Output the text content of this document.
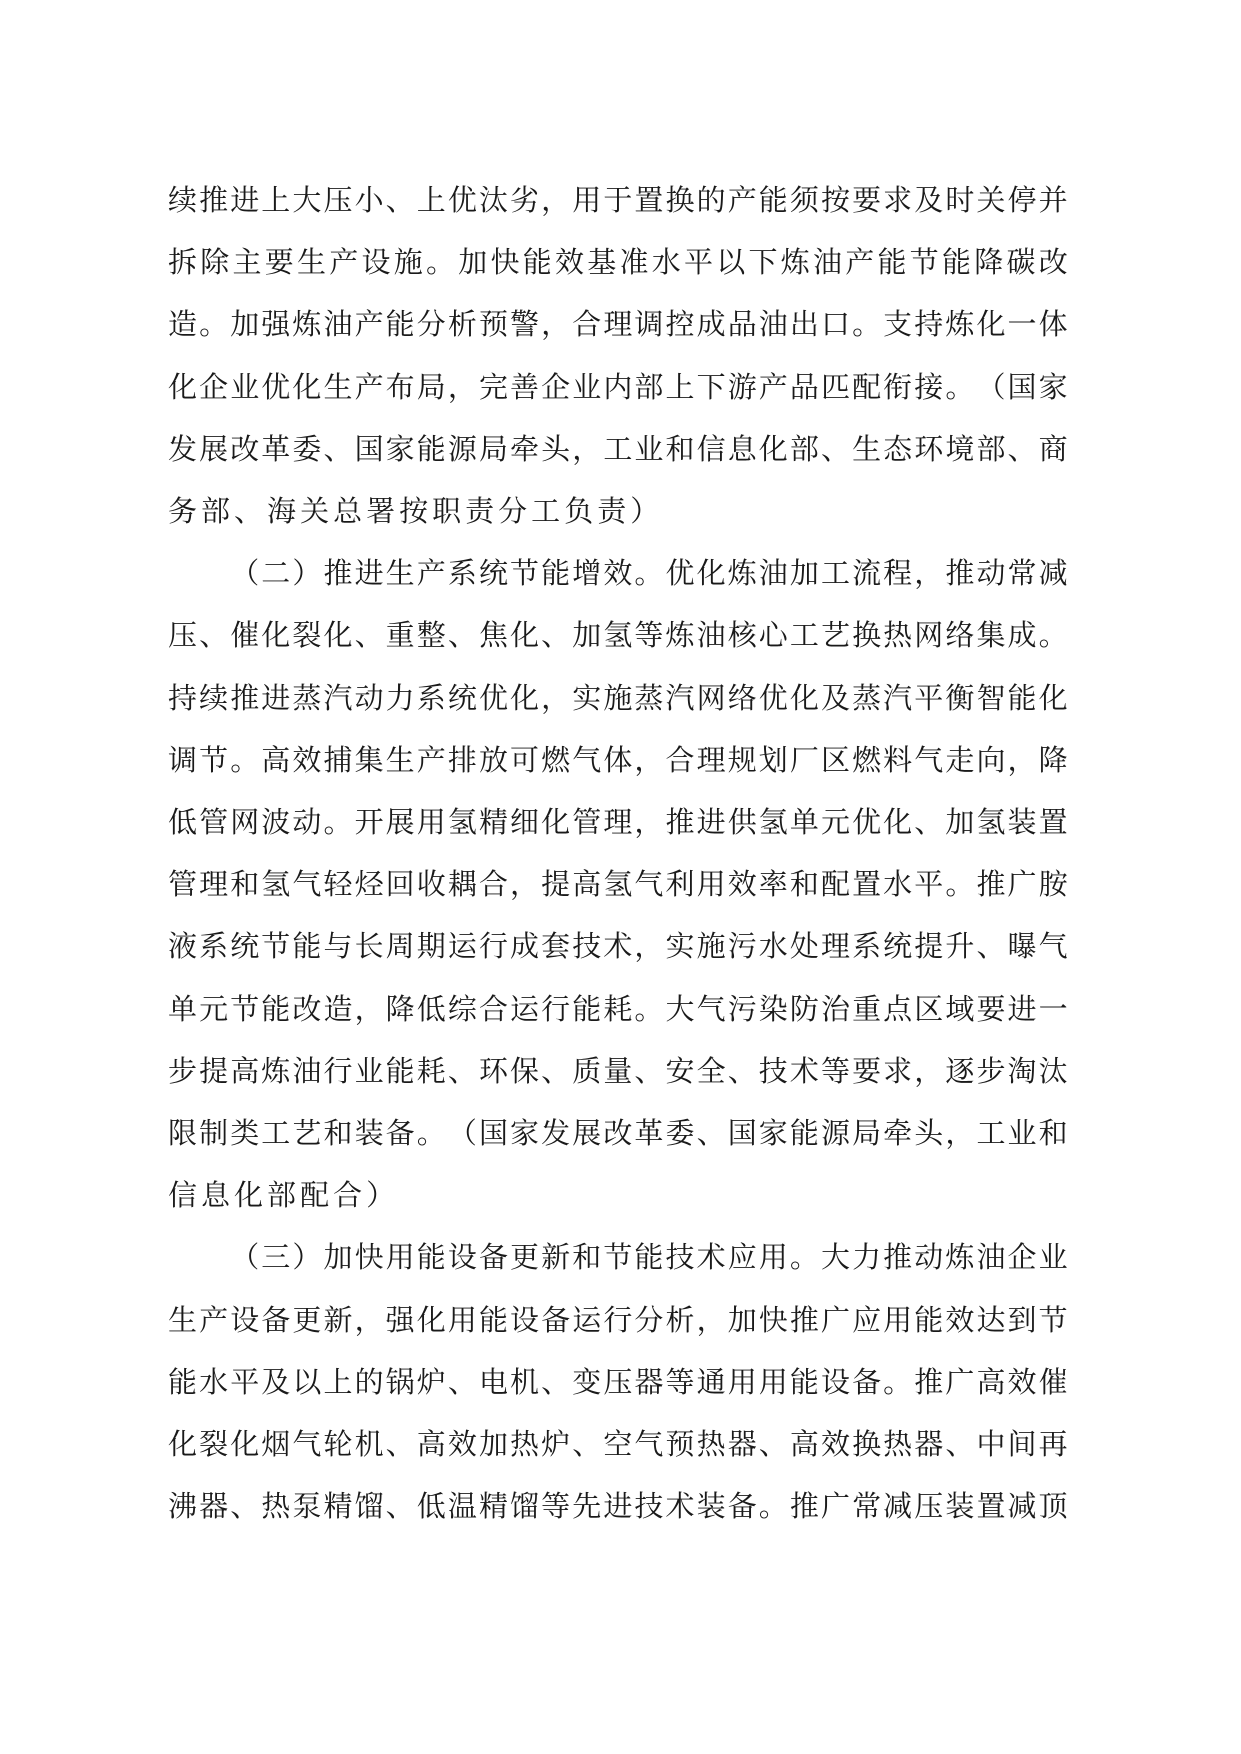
续 推 进 上 大 压 小 、 上 优 汰 劣 ， 用 于 置 换 的 产 能 须 按 要 求 及 时 关 停 并
拆 除 主 要 生 产 设 施 。 加 快 能 效 基 准 水 平 以 下 炼 油 产 能 节 能 降 碳 改
造 。 加 强 炼 油 产 能 分 析 预 警 ， 合 理 调 控 成 品 油 出 口 。 支 持 炼 化 一 体
化 企 业 优 化 生 产 布 局 ， 完 善 企 业 内 部 上 下 游 产 品 匹 配 衔 接 。 （ 国 家
发 展 改 革 委 、 国 家 能 源 局 牵 头 ， 工 业 和 信 息 化 部 、 生 态 环 境 部 、 商
务 部 、 海 关 总 署 按 职 责 分 工 负 责 ）

（ 二 ） 推 进 生 产 系 统 节 能 增 效 。 优 化 炼 油 加 工 流 程 ， 推 动 常 减
压 、 催 化 裂 化 、 重 整 、 焦 化 、 加 氢 等 炼 油 核 心 工 艺 换 热 网 络 集 成 。
持 续 推 进 蒸 汽 动 力 系 统 优 化 ， 实 施 蒸 汽 网 络 优 化 及 蒸 汽 平 衡 智 能 化
调 节 。 高 效 捕 集 生 产 排 放 可 燃 气 体 ， 合 理 规 划 厂 区 燃 料 气 走 向 ， 降
低 管 网 波 动 。 开 展 用 氢 精 细 化 管 理 ， 推 进 供 氢 单 元 优 化 、 加 氢 装 置
管 理 和 氢 气 轻 烃 回 收 耦 合 ， 提 高 氢 气 利 用 效 率 和 配 置 水 平 。 推 广 胺
液 系 统 节 能 与 长 周 期 运 行 成 套 技 术 ， 实 施 污 水 处 理 系 统 提 升 、 曝 气
单 元 节 能 改 造 ， 降 低 综 合 运 行 能 耗 。 大 气 污 染 防 治 重 点 区 域 要 进 一
步 提 高 炼 油 行 业 能 耗 、 环 保 、 质 量 、 安 全 、 技 术 等 要 求 ， 逐 步 淘 汰
限 制 类 工 艺 和 装 备 。 （ 国 家 发 展 改 革 委 、 国 家 能 源 局 牵 头 ， 工 业 和
信 息 化 部 配 合 ）

（ 三 ） 加 快 用 能 设 备 更 新 和 节 能 技 术 应 用 。 大 力 推 动 炼 油 企 业
生 产 设 备 更 新 ， 强 化 用 能 设 备 运 行 分 析 ， 加 快 推 广 应 用 能 效 达 到 节
能 水 平 及 以 上 的 锅 炉 、 电 机 、 变 压 器 等 通 用 用 能 设 备 。 推 广 高 效 催
化 裂 化 烟 气 轮 机 、 高 效 加 热 炉 、 空 气 预 热 器 、 高 效 换 热 器 、 中 间 再
沸 器 、 热 泵 精 馏 、 低 温 精 馏 等 先 进 技 术 装 备 。 推 广 常 减 压 装 置 减 顶
